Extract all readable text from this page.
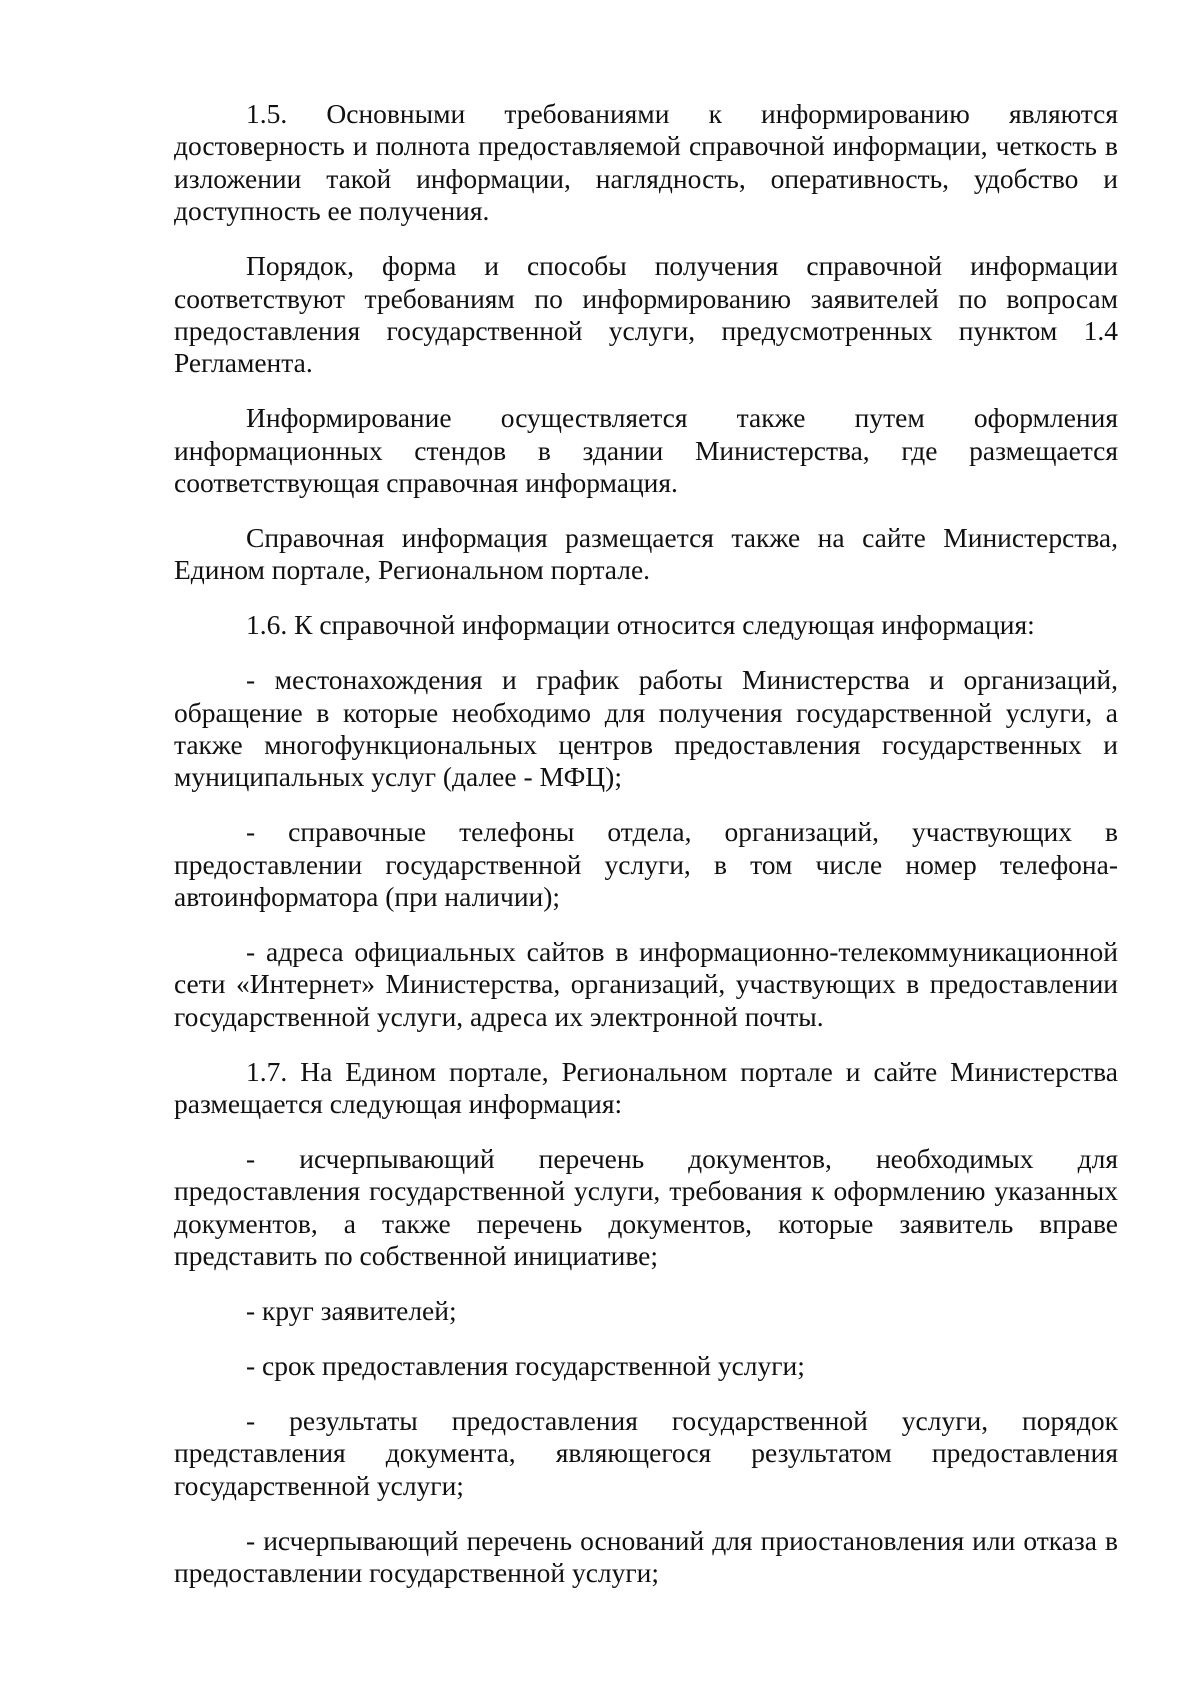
1.5. Основными требованиями к информированию являются достоверность и полнота предоставляемой справочной информации, четкость в изложении такой информации, наглядность, оперативность, удобство и доступность ее получения.

Порядок, форма и способы получения справочной информации соответствуют требованиям по информированию заявителей по вопросам предоставления государственной услуги, предусмотренных пунктом 1.4 Регламента.

Информирование осуществляется также путем оформления информационных стендов в здании Министерства, где размещается соответствующая справочная информация.

Справочная информация размещается также на сайте Министерства, Едином портале, Региональном портале.

1.6. К справочной информации относится следующая информация:

- местонахождения и график работы Министерства и организаций, обращение в которые необходимо для получения государственной услуги, а также многофункциональных центров предоставления государственных и муниципальных услуг (далее - МФЦ);

- справочные телефоны отдела, организаций, участвующих в предоставлении государственной услуги, в том числе номер телефона-автоинформатора (при наличии);

- адреса официальных сайтов в информационно-телекоммуникационной сети «Интернет» Министерства, организаций, участвующих в предоставлении государственной услуги, адреса их электронной почты.

1.7. На Едином портале, Региональном портале и сайте Министерства размещается следующая информация:

- исчерпывающий перечень документов, необходимых для предоставления государственной услуги, требования к оформлению указанных документов, а также перечень документов, которые заявитель вправе представить по собственной инициативе;

- круг заявителей;

- срок предоставления государственной услуги;

- результаты предоставления государственной услуги, порядок представления документа, являющегося результатом предоставления государственной услуги;

- исчерпывающий перечень оснований для приостановления или отказа в предоставлении государственной услуги;
